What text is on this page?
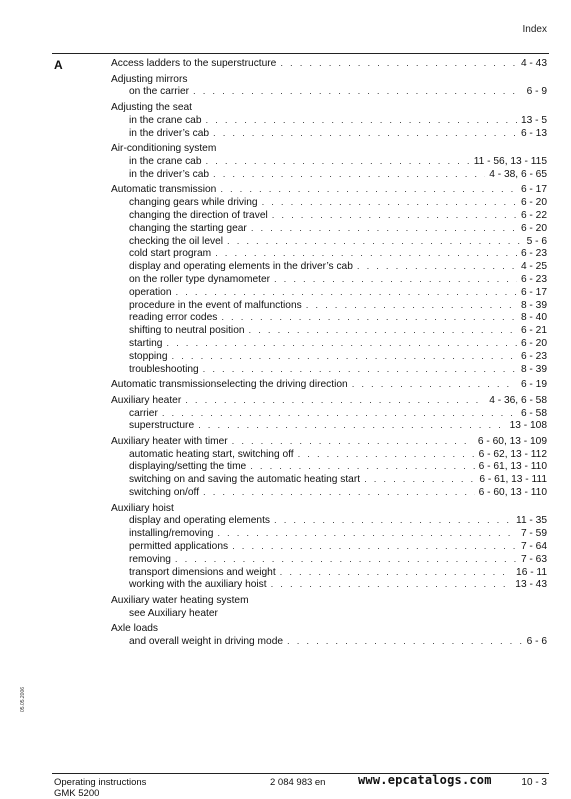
Index
A	Access ladders to the superstructure . . .	4 - 43
Adjusting mirrors
on the carrier . . .	6 - 9
Adjusting the seat
in the crane cab . . .	13 - 5
in the driver’s cab . . .	6 - 13
Air-conditioning system
in the crane cab . . .	11 - 56, 13 - 115
in the driver’s cab . . .	4 - 38, 6 - 65
Automatic transmission . . .	6 - 17
changing gears while driving . . .	6 - 20
changing the direction of travel . . .	6 - 22
changing the starting gear . . .	6 - 20
checking the oil level . . .	5 - 6
cold start program . . .	6 - 23
display and operating elements in the driver’s cab . . .	4 - 25
on the roller type dynamometer . . .	6 - 23
operation . . .	6 - 17
procedure in the event of malfunctions . . .	8 - 39
reading error codes . . .	8 - 40
shifting to neutral position . . .	6 - 21
starting . . .	6 - 20
stopping . . .	6 - 23
troubleshooting . . .	8 - 39
Automatic transmissionselecting the driving direction . . .	6 - 19
Auxiliary heater . . .	4 - 36, 6 - 58
carrier . . .	6 - 58
superstructure . . .	13 - 108
Auxiliary heater with timer . . .	6 - 60, 13 - 109
automatic heating start, switching off . . .	6 - 62, 13 - 112
displaying/setting the time . . .	6 - 61, 13 - 110
switching on and saving the automatic heating start . . .	6 - 61, 13 - 111
switching on/off . . .	6 - 60, 13 - 110
Auxiliary hoist
display and operating elements . . .	11 - 35
installing/removing . . .	7 - 59
permitted applications . . .	7 - 64
removing . . .	7 - 63
transport dimensions and weight . . .	16 - 11
working with the auxiliary hoist . . .	13 - 43
Auxiliary water heating system
see Auxiliary heater
Axle loads
and overall weight in driving mode . . .	6 - 6
05.05.2006
Operating instructions
GMK 5200
2 084 983 en	www.epcatalogs.com	10 - 3
